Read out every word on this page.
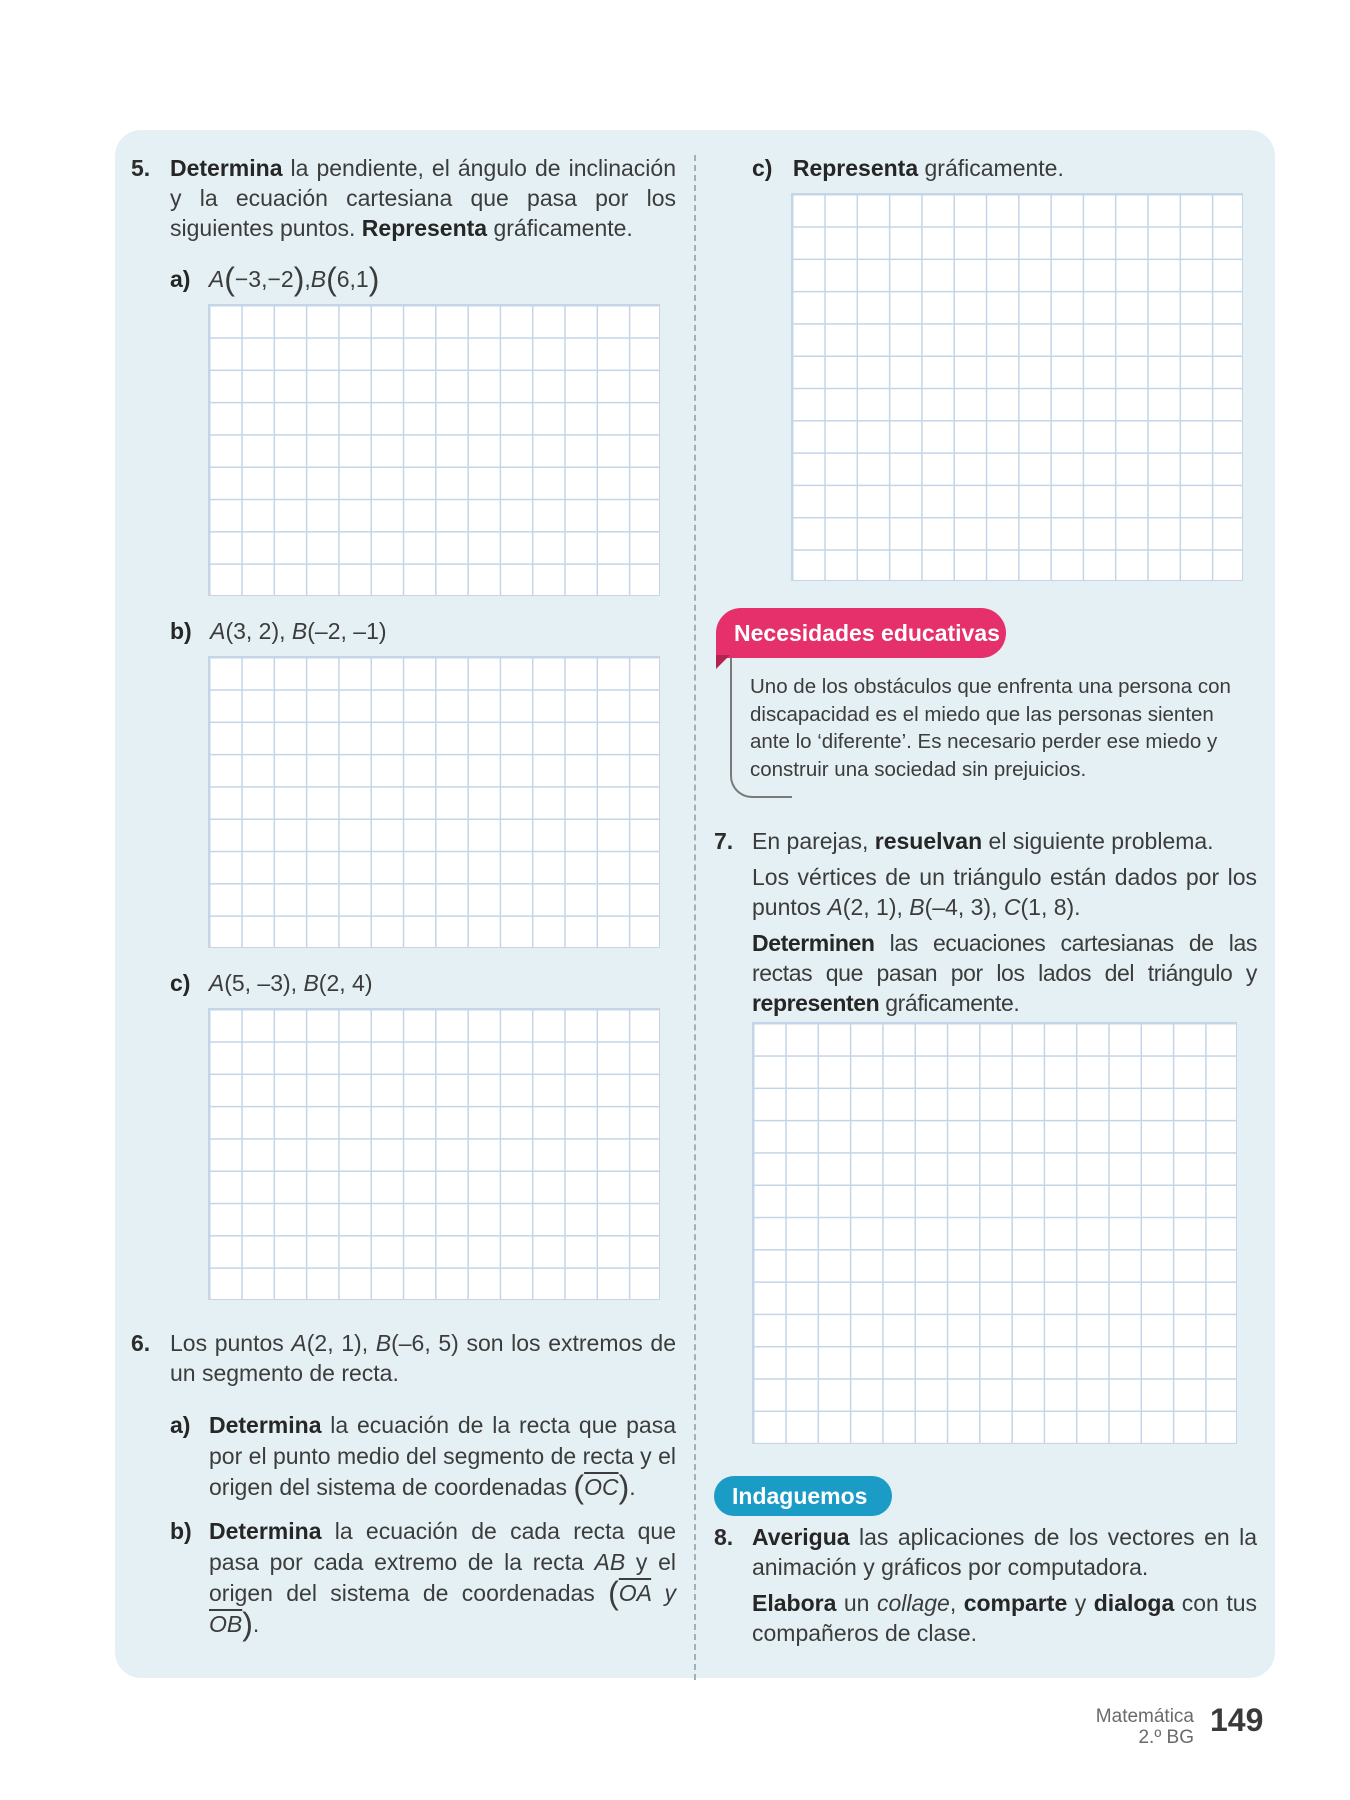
5. Determina la pendiente, el ángulo de inclinación y la ecuación cartesiana que pasa por los siguientes puntos. Representa gráficamente.
a) A(−3,−2),B(6,1)
b) A(3, 2), B(–2, –1)
c) A(5, –3), B(2, 4)
6. Los puntos A(2, 1), B(–6, 5) son los extremos de un segmento de recta.
a) Determina la ecuación de la recta que pasa por el punto medio del segmento de recta y el origen del sistema de coordenadas $(\overline{OC})$.
b) Determina la ecuación de cada recta que pasa por cada extremo de la recta AB y el origen del sistema de coordenadas ($\overline{OA}$ y $\overline{OB}$).
c) Representa gráficamente.
Necesidades educativas
Uno de los obstáculos que enfrenta una persona con discapacidad es el miedo que las personas sienten ante lo ‘diferente’. Es necesario perder ese miedo y construir una sociedad sin prejuicios.
7. En parejas, resuelvan el siguiente problema.
Los vértices de un triángulo están dados por los puntos A(2, 1), B(–4, 3), C(1, 8).
Determinen las ecuaciones cartesianas de las rectas que pasan por los lados del triángulo y representen gráficamente.
Indaguemos
8. Averigua las aplicaciones de los vectores en la animación y gráficos por computadora.
Elabora un collage, comparte y dialoga con tus compañeros de clase.
Matemática
2.º BG 149
